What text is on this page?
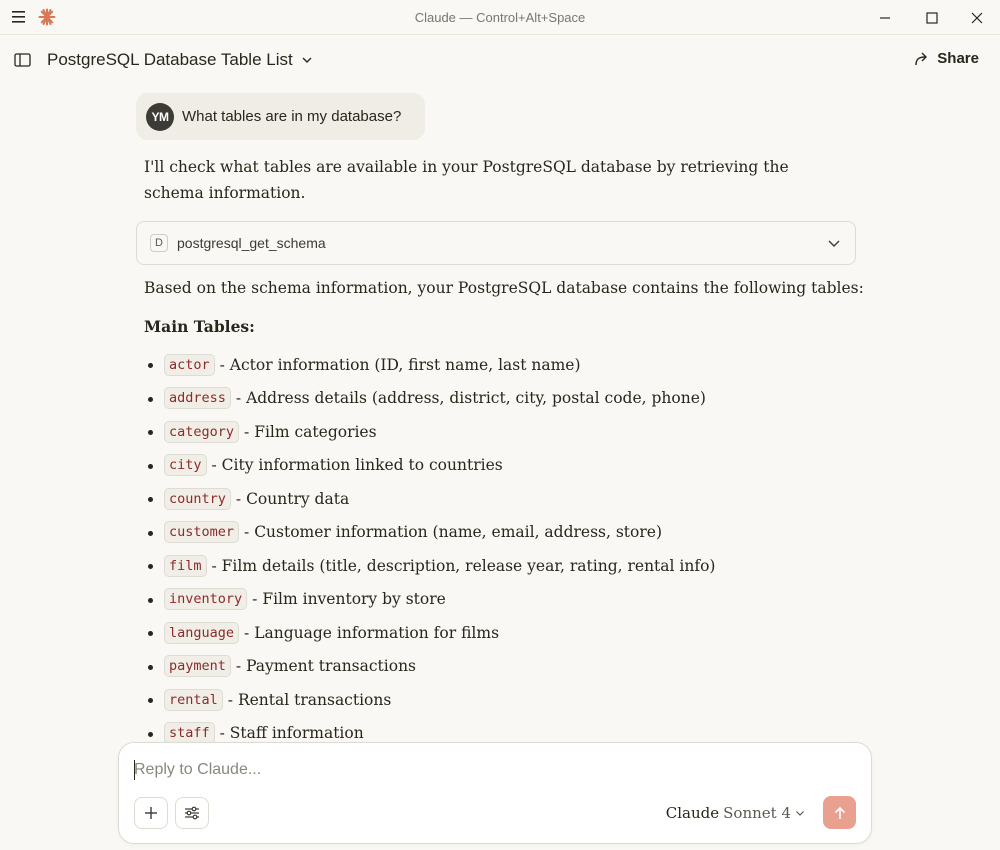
Claude — Control+Alt+Space
PostgreSQL Database Table List	Share
YM What tables are in my database?

I'll check what tables are available in your PostgreSQL database by retrieving the schema information.

D	postgresql_get_schema
Based on the schema information, your PostgreSQL database contains the following tables:
Main Tables:
actor - Actor information (ID, first name, last name)
address - Address details (address, district, city, postal code, phone)
category - Film categories
city - City information linked to countries
country - Country data
customer - Customer information (name, email, address, store)
film - Film details (title, description, release year, rating, rental info)
inventory - Film inventory by store
language - Language information for films
payment - Payment transactions
rental - Rental transactions
staff - Staff information
Reply to Claude...
Claude Sonnet 4
